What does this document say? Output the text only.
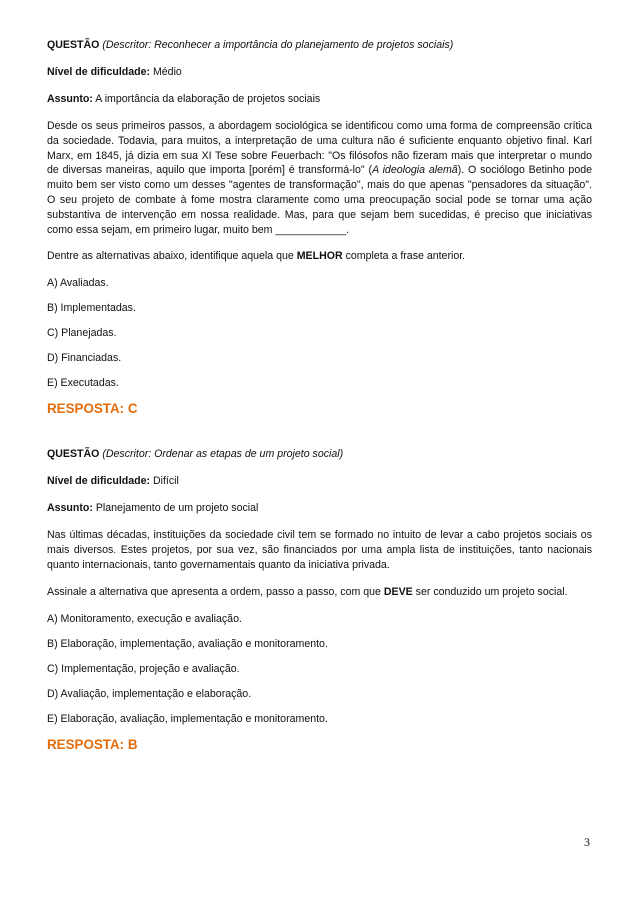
QUESTÃO (Descritor: Reconhecer a importância do planejamento de projetos sociais)

Nível de dificuldade: Médio

Assunto: A importância da elaboração de projetos sociais

Desde os seus primeiros passos, a abordagem sociológica se identificou como uma forma de compreensão crítica da sociedade. Todavia, para muitos, a interpretação de uma cultura não é suficiente enquanto objetivo final. Karl Marx, em 1845, já dizia em sua XI Tese sobre Feuerbach: "Os filósofos não fizeram mais que interpretar o mundo de diversas maneiras, aquilo que importa [porém] é transformá-lo" (A ideologia alemã). O sociólogo Betinho pode muito bem ser visto como um desses "agentes de transformação", mais do que apenas "pensadores da situação". O seu projeto de combate à fome mostra claramente como uma preocupação social pode se tornar uma ação substantiva de intervenção em nossa realidade. Mas, para que sejam bem sucedidas, é preciso que iniciativas como essa sejam, em primeiro lugar, muito bem ____________.

Dentre as alternativas abaixo, identifique aquela que MELHOR completa a frase anterior.

A) Avaliadas.

B) Implementadas.

C) Planejadas.

D) Financiadas.

E) Executadas.

RESPOSTA: C

QUESTÃO (Descritor: Ordenar as etapas de um projeto social)

Nível de dificuldade: Difícil

Assunto: Planejamento de um projeto social

Nas últimas décadas, instituições da sociedade civil tem se formado no intuito de levar a cabo projetos sociais os mais diversos. Estes projetos, por sua vez, são financiados por uma ampla lista de instituições, tanto nacionais quanto internacionais, tanto governamentais quanto da iniciativa privada.

Assinale a alternativa que apresenta a ordem, passo a passo, com que DEVE ser conduzido um projeto social.

A) Monitoramento, execução e avaliação.

B) Elaboração, implementação, avaliação e monitoramento.

C) Implementação, projeção e avaliação.

D) Avaliação, implementação e elaboração.

E) Elaboração, avaliação, implementação e monitoramento.

RESPOSTA: B

3
